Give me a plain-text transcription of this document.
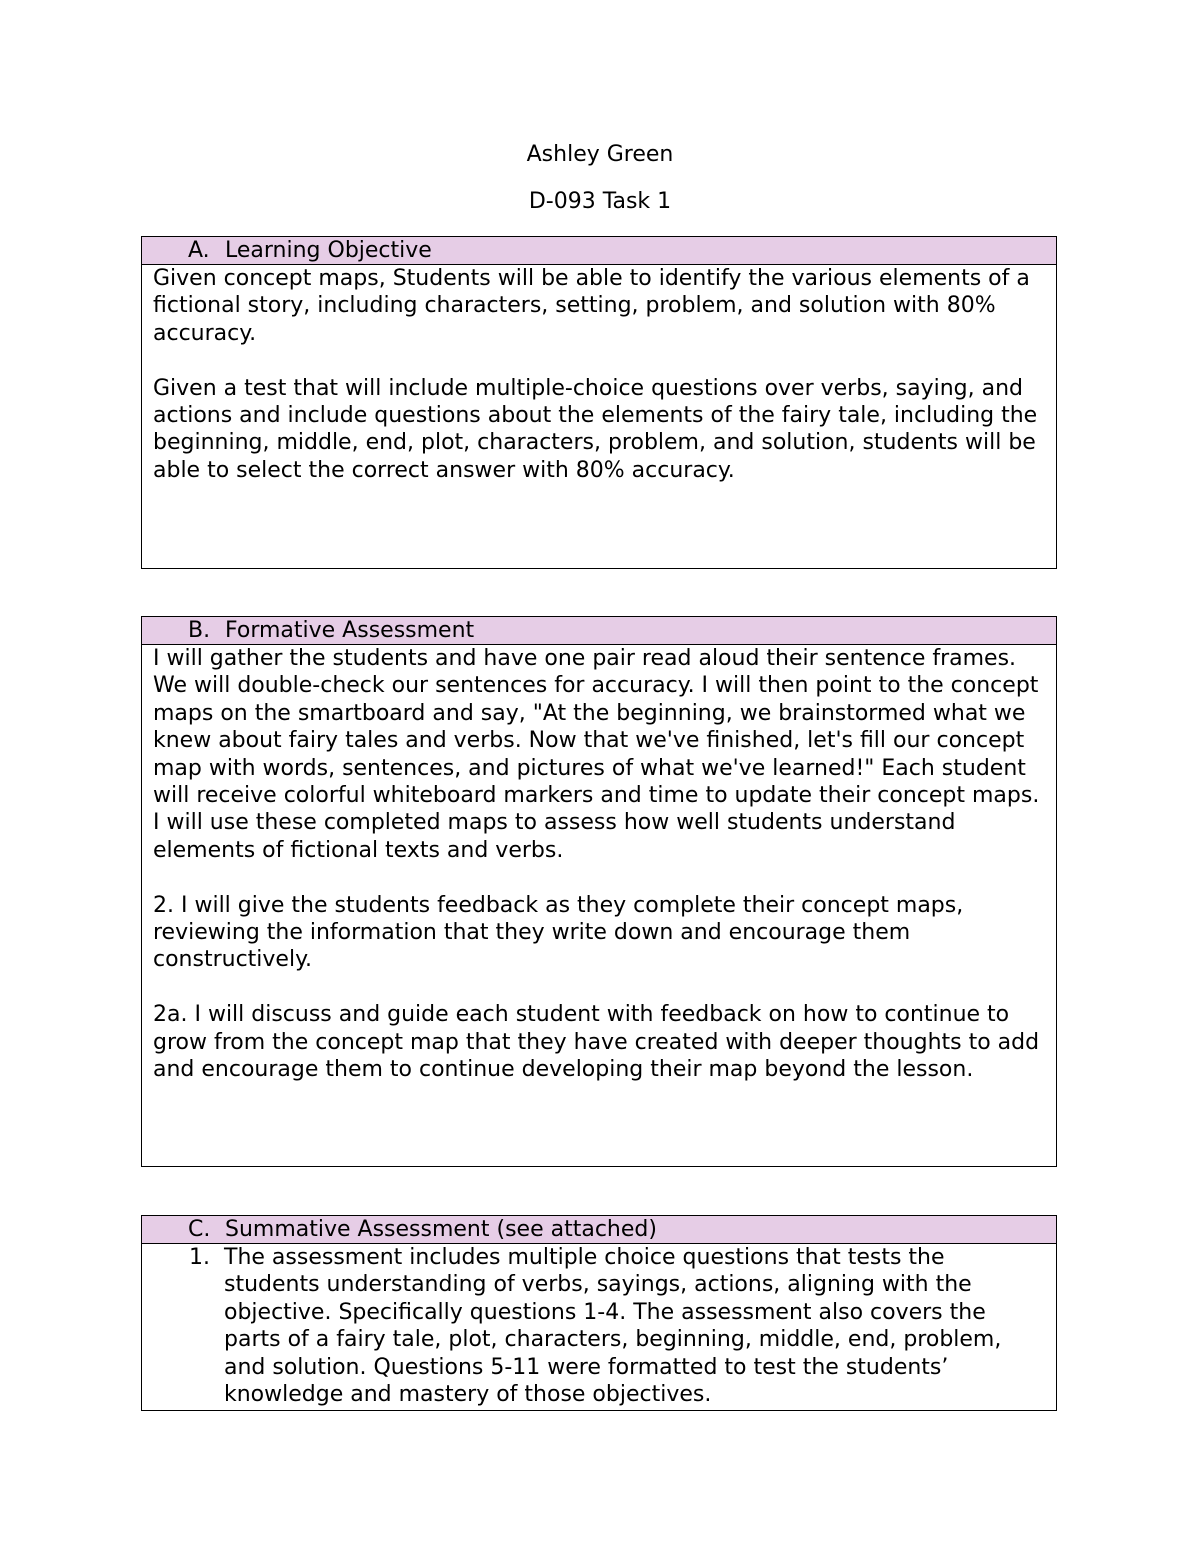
Ashley Green
D-093 Task 1
A. Learning Objective

Given concept maps, Students will be able to identify the various elements of a fictional story, including characters, setting, problem, and solution with 80% accuracy.

Given a test that will include multiple-choice questions over verbs, saying, and actions and include questions about the elements of the fairy tale, including the beginning, middle, end, plot, characters, problem, and solution, students will be able to select the correct answer with 80% accuracy.

B. Formative Assessment

I will gather the students and have one pair read aloud their sentence frames. We will double-check our sentences for accuracy. I will then point to the concept maps on the smartboard and say, "At the beginning, we brainstormed what we knew about fairy tales and verbs. Now that we've finished, let's fill our concept map with words, sentences, and pictures of what we've learned!" Each student will receive colorful whiteboard markers and time to update their concept maps. I will use these completed maps to assess how well students understand elements of fictional texts and verbs.

2. I will give the students feedback as they complete their concept maps, reviewing the information that they write down and encourage them constructively.

2a. I will discuss and guide each student with feedback on how to continue to grow from the concept map that they have created with deeper thoughts to add and encourage them to continue developing their map beyond the lesson.

C. Summative Assessment (see attached)
1. The assessment includes multiple choice questions that tests the students understanding of verbs, sayings, actions, aligning with the objective. Specifically questions 1-4. The assessment also covers the parts of a fairy tale, plot, characters, beginning, middle, end, problem, and solution. Questions 5-11 were formatted to test the students’ knowledge and mastery of those objectives.
